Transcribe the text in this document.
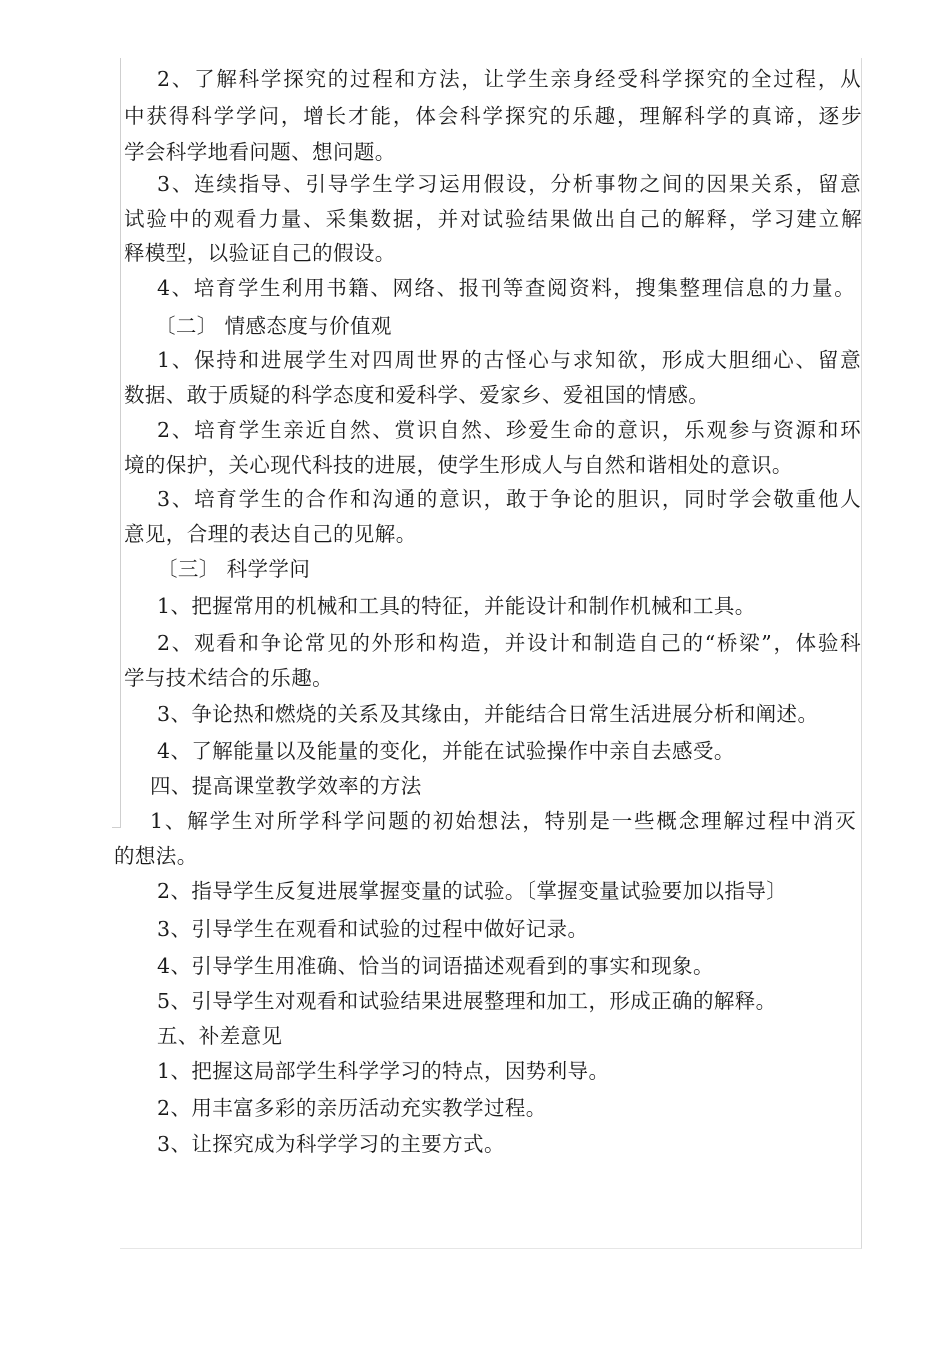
2、了解科学探究的过程和方法，让学生亲身经受科学探究的全过程，从
中获得科学学问，增长才能，体会科学探究的乐趣，理解科学的真谛，逐步
学会科学地看问题、想问题。
3、连续指导、引导学生学习运用假设，分析事物之间的因果关系，留意
试验中的观看力量、采集数据，并对试验结果做出自己的解释，学习建立解
释模型，以验证自己的假设。
4、培育学生利用书籍、网络、报刊等查阅资料，搜集整理信息的力量。
〔二〕 情感态度与价值观
1、保持和进展学生对四周世界的古怪心与求知欲，形成大胆细心、留意
数据、敢于质疑的科学态度和爱科学、爱家乡、爱祖国的情感。
2、培育学生亲近自然、赏识自然、珍爱生命的意识，乐观参与资源和环
境的保护，关心现代科技的进展，使学生形成人与自然和谐相处的意识。
3、培育学生的合作和沟通的意识，敢于争论的胆识，同时学会敬重他人
意见，合理的表达自己的见解。
〔三〕 科学学问
1、把握常用的机械和工具的特征，并能设计和制作机械和工具。
2、观看和争论常见的外形和构造，并设计和制造自己的“桥梁”，体验科
学与技术结合的乐趣。
3、争论热和燃烧的关系及其缘由，并能结合日常生活进展分析和阐述。
4、了解能量以及能量的变化，并能在试验操作中亲自去感受。
四、提高课堂教学效率的方法
1、解学生对所学科学问题的初始想法，特别是一些概念理解过程中消灭
的想法。
2、指导学生反复进展掌握变量的试验。〔掌握变量试验要加以指导〕
3、引导学生在观看和试验的过程中做好记录。
4、引导学生用准确、恰当的词语描述观看到的事实和现象。
5、引导学生对观看和试验结果进展整理和加工，形成正确的解释。
五、补差意见
1、把握这局部学生科学学习的特点，因势利导。
2、用丰富多彩的亲历活动充实教学过程。
3、让探究成为科学学习的主要方式。
